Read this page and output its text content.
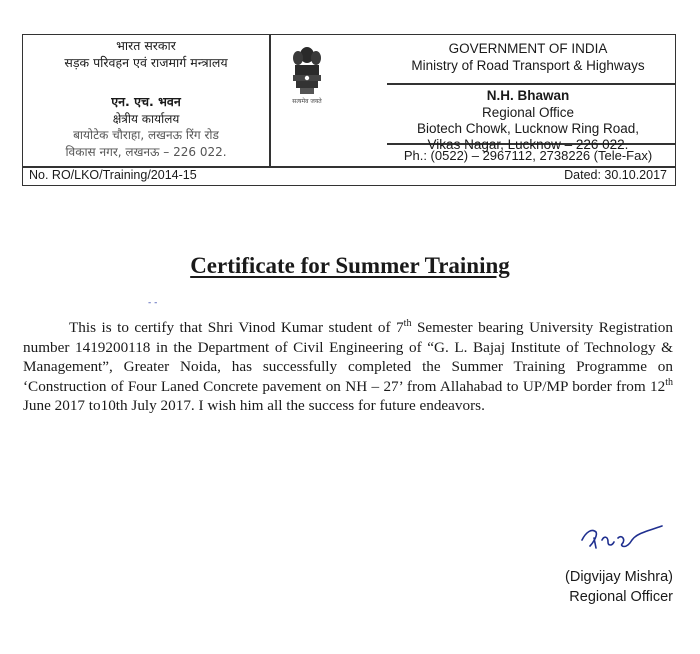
भारत सरकार
सड़क परिवहन एवं राजमार्ग मन्त्रालय
एन. एच. भवन
क्षेत्रीय कार्यालय
बायोटेक चौराहा, लखनऊ रिंग रोड
विकास नगर, लखनऊ – 226 022.
सत्यमेव जयते
GOVERNMENT OF INDIA
Ministry of Road Transport & Highways
N.H. Bhawan
Regional Office
Biotech Chowk, Lucknow Ring Road,
Vikas Nagar, Lucknow – 226 022.
Ph.: (0522) – 2967112, 2738226 (Tele-Fax)
No. RO/LKO/Training/2014-15	Dated: 30.10.2017
Certificate for Summer Training
- -

This is to certify that Shri Vinod Kumar student of 7th Semester bearing University Registration number 1419200118 in the Department of Civil Engineering of “G. L. Bajaj Institute of Technology & Management”, Greater Noida, has successfully completed the Summer Training Programme on ‘Construction of Four Laned Concrete pavement on NH – 27’ from Allahabad to UP/MP border from 12th June 2017 to10th July 2017. I wish him all the success for future endeavors.

(Digvijay Mishra)
Regional Officer
